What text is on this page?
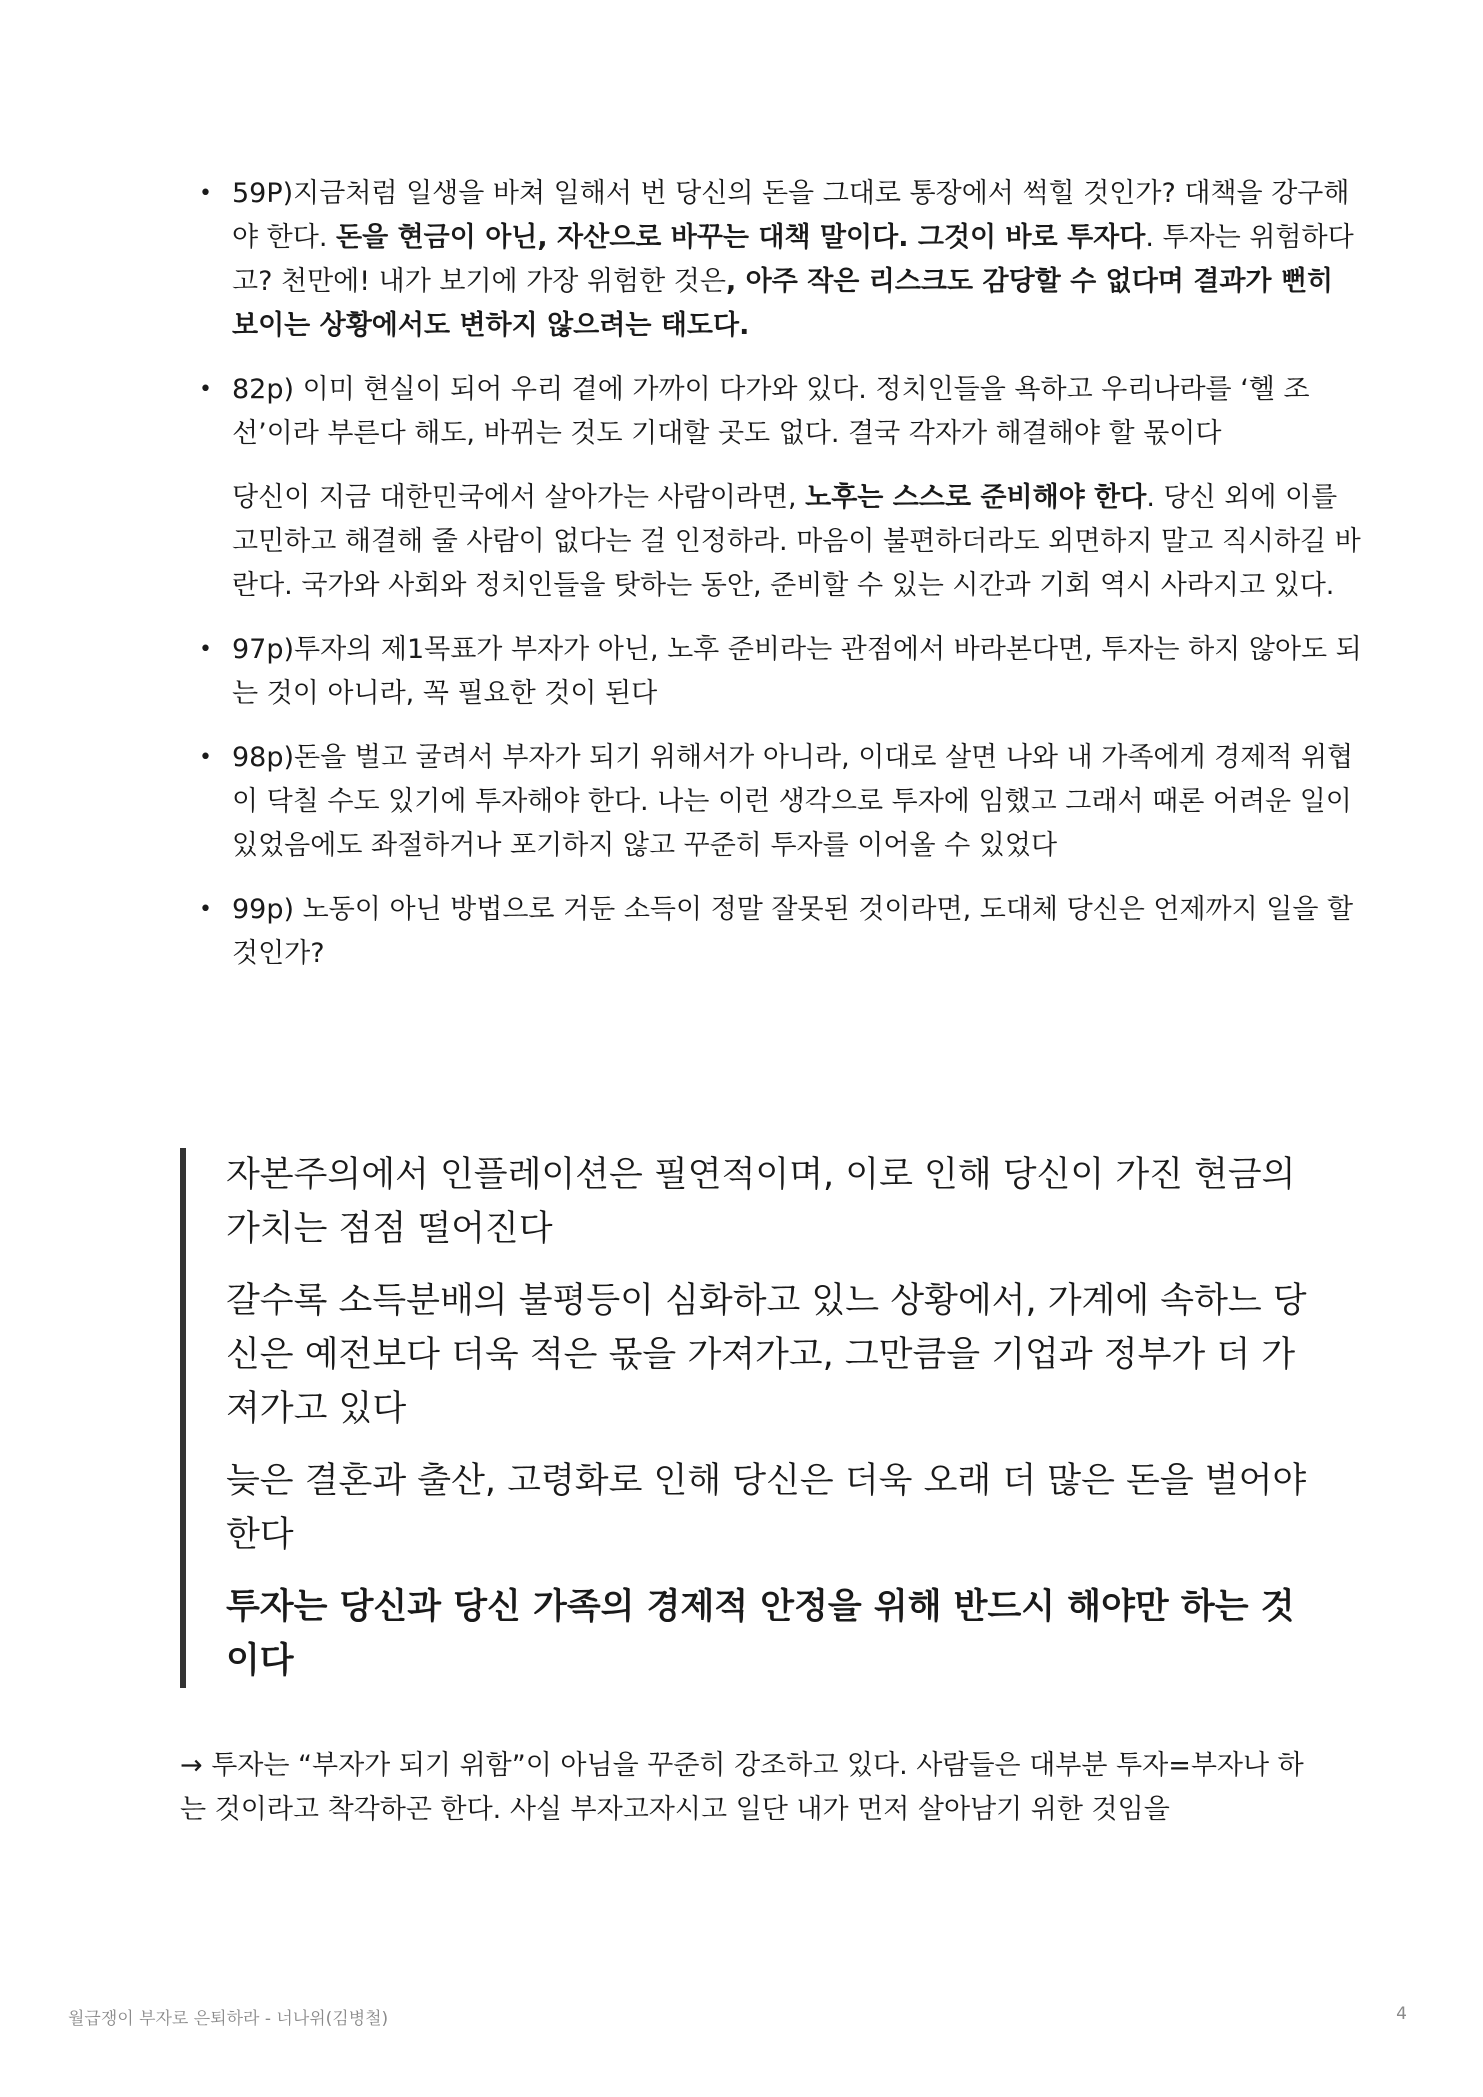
• 59P)지금처럼 일생을 바쳐 일해서 번 당신의 돈을 그대로 통장에서 썩힐 것인가? 대책을 강구해야 한다. 돈을 현금이 아닌, 자산으로 바꾸는 대책 말이다. 그것이 바로 투자다. 투자는 위험하다고? 천만에! 내가 보기에 가장 위험한 것은, 아주 작은 리스크도 감당할 수 없다며 결과가 뻔히 보이는 상황에서도 변하지 않으려는 태도다.

• 82p) 이미 현실이 되어 우리 곁에 가까이 다가와 있다. 정치인들을 욕하고 우리나라를 ‘헬 조선’이라 부른다 해도, 바뀌는 것도 기대할 곳도 없다. 결국 각자가 해결해야 할 몫이다

당신이 지금 대한민국에서 살아가는 사람이라면, 노후는 스스로 준비해야 한다. 당신 외에 이를 고민하고 해결해 줄 사람이 없다는 걸 인정하라. 마음이 불편하더라도 외면하지 말고 직시하길 바란다. 국가와 사회와 정치인들을 탓하는 동안, 준비할 수 있는 시간과 기회 역시 사라지고 있다.

• 97p)투자의 제1목표가 부자가 아닌, 노후 준비라는 관점에서 바라본다면, 투자는 하지 않아도 되는 것이 아니라, 꼭 필요한 것이 된다

• 98p)돈을 벌고 굴려서 부자가 되기 위해서가 아니라, 이대로 살면 나와 내 가족에게 경제적 위협이 닥칠 수도 있기에 투자해야 한다. 나는 이런 생각으로 투자에 임했고 그래서 때론 어려운 일이 있었음에도 좌절하거나 포기하지 않고 꾸준히 투자를 이어올 수 있었다

• 99p) 노동이 아닌 방법으로 거둔 소득이 정말 잘못된 것이라면, 도대체 당신은 언제까지 일을 할 것인가?

자본주의에서 인플레이션은 필연적이며, 이로 인해 당신이 가진 현금의 가치는 점점 떨어진다

갈수록 소득분배의 불평등이 심화하고 있느 상황에서, 가계에 속하느 당신은 예전보다 더욱 적은 몫을 가져가고, 그만큼을 기업과 정부가 더 가져가고 있다

늦은 결혼과 출산, 고령화로 인해 당신은 더욱 오래 더 많은 돈을 벌어야 한다

투자는 당신과 당신 가족의 경제적 안정을 위해 반드시 해야만 하는 것이다

→ 투자는 “부자가 되기 위함”이 아님을 꾸준히 강조하고 있다. 사람들은 대부분 투자=부자나 하는 것이라고 착각하곤 한다. 사실 부자고자시고 일단 내가 먼저 살아남기 위한 것임을

월급쟁이 부자로 은퇴하라 - 너나위(김병철)	4
